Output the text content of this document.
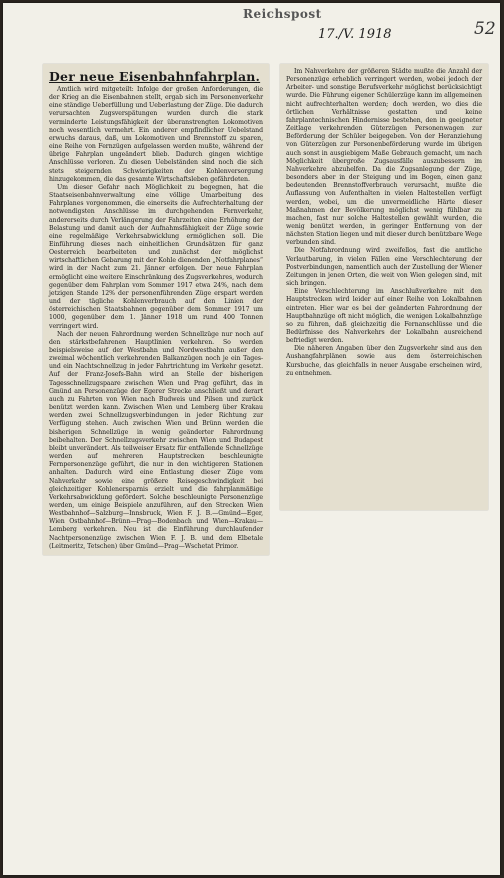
Reichspost
17./V. 1918	52
Der neue Eisenbahnfahrplan.

Amtlich wird mitgeteilt: Infolge der großen Anforderungen, die der Krieg an die Eisenbahnen stellt, ergab sich im Personenverkehr eine ständige Ueberfüllung und Ueberlastung der Züge. Die dadurch verursachten Zugsverspätungen wurden durch die stark verminderte Leistungsfähigkeit der überanstrengten Lokomotiven noch wesentlich vermehrt. Ein anderer empfindlicher Uebelstand erwuchs daraus, daß, um Lokomotiven und Brennstoff zu sparen, eine Reihe von Fernzügen aufgelassen werden mußte, während der übrige Fahrplan ungeändert blieb. Dadurch gingen wichtige Anschlüsse verloren. Zu diesen Uebelständen sind noch die sich stets steigernden Schwierigkeiten der Kohlenversorgung hinzugekommen, die das gesamte Wirtschaftsleben gefährdeten.

Um dieser Gefahr nach Möglichkeit zu begegnen, hat die Staatseisenbahnverwaltung eine völlige Umarbeitung des Fahrplanes vorgenommen, die einerseits die Aufrechterhaltung der notwendigsten Anschlüsse im durchgehenden Fernverkehr, andererseits durch Verlängerung der Fahrzeiten eine Erhöhung der Belastung und damit auch der Aufnahmsfähigkeit der Züge sowie eine regelmäßige Verkehrsabwicklung ermöglichen soll. Die Einführung dieses nach einheitlichen Grundsätzen für ganz Oesterreich bearbeiteten und zunächst der möglichst wirtschaftlichen Gebarung mit der Kohle dienenden „Notfahrplanes“ wird in der Nacht zum 21. Jänner erfolgen. Der neue Fahrplan ermöglicht eine weitere Einschränkung des Zugsverkehres, wodurch gegenüber dem Fahrplan vom Sommer 1917 etwa 24%, nach dem jetzigen Stande 12% der personenführenden Züge erspart werden und der tägliche Kohlenverbrauch auf den Linien der österreichischen Staatsbahnen gegenüber dem Sommer 1917 um 1000, gegenüber dem 1. Jänner 1918 um rund 400 Tonnen verringert wird.

Nach der neuen Fahrordnung werden Schnellzüge nur noch auf den stärkstbefahrenen Hauptlinien verkehren. So werden beispielsweise auf der Westbahn und Nordwestbahn außer den zweimal wöchentlich verkehrenden Balkanzügen noch je ein Tages- und ein Nachtschnellzug in jeder Fahrtrichtung im Verkehr gesetzt. Auf der Franz-Josefs-Bahn wird an Stelle der bisherigen Tagesschnellzugspaare zwischen Wien und Prag geführt, das in Gmünd an Personenzüge der Egerer Strecke anschließt und derart auch zu Fahrten von Wien nach Budweis und Pilsen und zurück benützt werden kann. Zwischen Wien und Lemberg über Krakau werden zwei Schnellzugsverbindungen in jeder Richtung zur Verfügung stehen. Auch zwischen Wien und Brünn werden die bisherigen Schnellzüge in wenig geänderter Fahrordnung beibehalten. Der Schnellzugsverkehr zwischen Wien und Budapest bleibt unverändert. Als teilweiser Ersatz für entfallende Schnellzüge werden auf mehreren Hauptstrecken beschleunigte Fernpersonenzüge geführt, die nur in den wichtigeren Stationen anhalten. Dadurch wird eine Entlastung dieser Züge vom Nahverkehr sowie eine größere Reisegeschwindigkeit bei gleichzeitiger Kohlenersparnis erzielt und die fahrplanmäßige Verkehrsabwicklung gefördert. Solche beschleunigte Personenzüge werden, um einige Beispiele anzuführen, auf den Strecken Wien Westbahnhof—Salzburg—Innsbruck, Wien F. J. B.—Gmünd—Eger, Wien Ostbahnhof—Brünn—Prag—Bodenbach und Wien—Krakau—Lemberg verkehren. Neu ist die Einführung durchlaufender Nachtpersonenzüge zwischen Wien F. J. B. und dem Elbetale (Leitmeritz, Tetschen) über Gmünd—Prag—Wschetat Primor.

Im Nahverkehre der größeren Städte mußte die Anzahl der Personenzüge erheblich verringert werden, wobei jedoch der Arbeiter- und sonstige Berufsverkehr möglichst berücksichtigt wurde. Die Führung eigener Schülerzüge kann im allgemeinen nicht aufrechterhalten werden; doch werden, wo dies die örtlichen Verhältnisse gestatten und keine fahrplantechnischen Hindernisse bestehen, den in geeigneter Zeitlage verkehrenden Güterzügen Personenwagen zur Beförderung der Schüler beigegeben. Von der Heranziehung von Güterzügen zur Personenbeförderung wurde im übrigen auch sonst in ausgiebigem Maße Gebrauch gemacht, um nach Möglichkeit übergroße Zugsausfälle auszubessern im Nahverkehre abzuhelfen. Da die Zugsanlegung der Züge, besonders aber in der Steigung und im Bogen, einen ganz bedeutenden Brennstoffverbrauch verursacht, mußte die Auflassung von Aufenthalten in vielen Haltestellen verfügt werden, wobei, um die unvermeidliche Härte dieser Maßnahmen der Bevölkerung möglichst wenig fühlbar zu machen, fast nur solche Haltestellen gewählt wurden, die wenig benützt werden, in geringer Entfernung von der nächsten Station liegen und mit dieser durch benützbare Wege verbunden sind.

Die Notfahrordnung wird zweifellos, fast die amtliche Verlautbarung, in vielen Fällen eine Verschlechterung der Postverbindungen, namentlich auch der Zustellung der Wiener Zeitungen in jenen Orten, die weit von Wien gelegen sind, mit sich bringen.

Eine Verschlechterung im Anschlußverkehre mit den Hauptstrecken wird leider auf einer Reihe von Lokalbahnen eintreten. Hier war es bei der geänderten Fahrordnung der Hauptbahnzüge oft nicht möglich, die wenigen Lokalbahnzüge so zu führen, daß gleichzeitig die Fernanschlüsse und die Bedürfnisse des Nahverkehrs der Lokalbahn ausreichend befriedigt werden.

Die näheren Angaben über den Zugsverkehr sind aus den Aushangfahrplänen sowie aus dem österreichischen Kursbuche, das gleichfalls in neuer Ausgabe erscheinen wird, zu entnehmen.
